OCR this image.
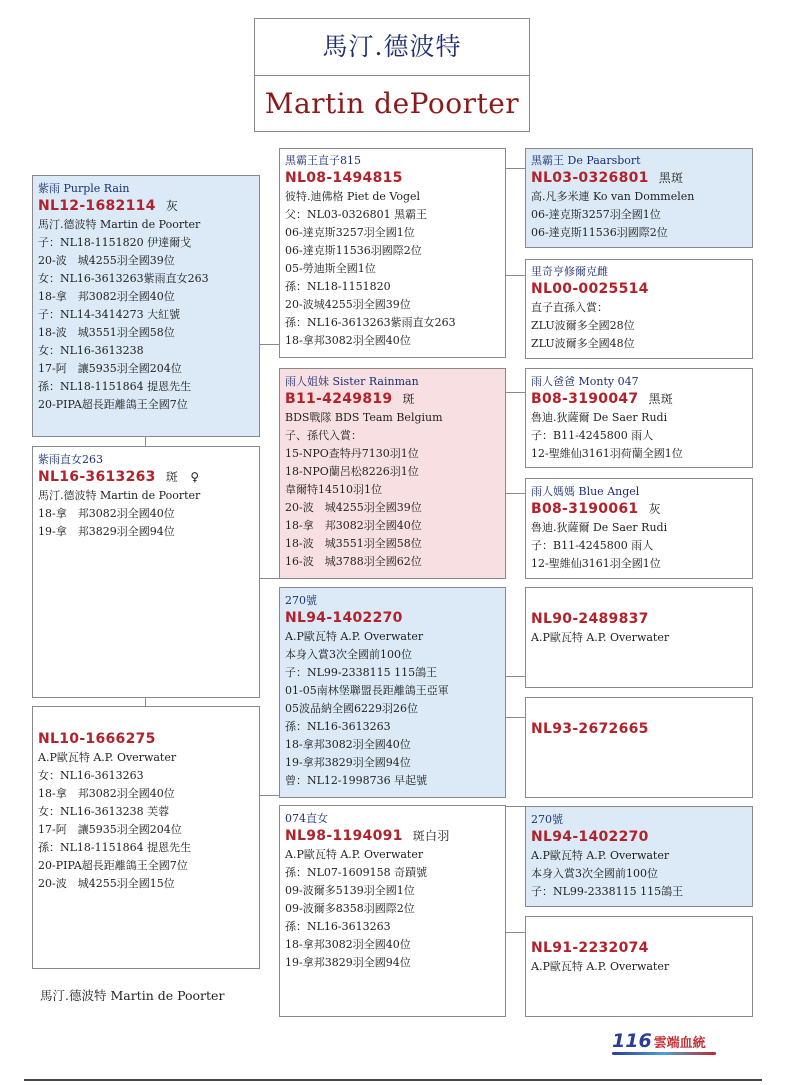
馬汀.德波特
Martin dePoorter
紫雨 Purple Rain
NL12-1682114 灰
馬汀.德波特 Martin de Poorter
子：NL18-1151820 伊達爾戈
20-波　城4255羽全國39位
女：NL16-3613263紫雨直女263
18-拿　邦3082羽全國40位
子：NL14-3414273 大紅號
18-波　城3551羽全國58位
女：NL16-3613238
17-阿　讓5935羽全國204位
孫：NL18-1151864 提恩先生
20-PIPA超長距離鴿王全國7位
紫雨直女263
NL16-3613263 斑　♀
馬汀.德波特 Martin de Poorter
18-拿　邦3082羽全國40位
19-拿　邦3829羽全國94位
NL10-1666275
A.P歐瓦特 A.P. Overwater
女：NL16-3613263
18-拿　邦3082羽全國40位
女：NL16-3613238 芙蓉
17-阿　讓5935羽全國204位
孫：NL18-1151864 提恩先生
20-PIPA超長距離鴿王全國7位
20-波　城4255羽全國15位
黑霸王直子815
NL08-1494815
彼特.迪佛格 Piet de Vogel
父：NL03-0326801 黑霸王
06-達克斯3257羽全國1位
06-達克斯11536羽國際2位
05-勞迪斯全國1位
孫：NL18-1151820
20-波城4255羽全國39位
孫：NL16-3613263紫雨直女263
18-拿邦3082羽全國40位
雨人姐妹 Sister Rainman
B11-4249819 斑
BDS戰隊 BDS Team Belgium
子、孫代入賞：
15-NPO查特丹7130羽1位
18-NPO蘭呂松8226羽1位
韋爾特14510羽1位
20-波　城4255羽全國39位
18-拿　邦3082羽全國40位
18-波　城3551羽全國58位
16-波　城3788羽全國62位
270號
NL94-1402270
A.P歐瓦特 A.P. Overwater
本身入賞3次全國前100位
子：NL99-2338115 115鴿王
01-05南林堡聯盟長距離鴿王亞軍
05波品納全國6229羽26位
孫：NL16-3613263
18-拿邦3082羽全國40位
19-拿邦3829羽全國94位
曾：NL12-1998736 早起號
074直女
NL98-1194091 斑白羽
A.P歐瓦特 A.P. Overwater
孫：NL07-1609158 奇蹟號
09-波爾多5139羽全國1位
09-波爾多8358羽國際2位
孫：NL16-3613263
18-拿邦3082羽全國40位
19-拿邦3829羽全國94位
黑霸王 De Paarsbort
NL03-0326801 黑斑
高.凡多米連 Ko van Dommelen
06-達克斯3257羽全國1位
06-達克斯11536羽國際2位
里奇亨修爾克雌
NL00-0025514
直子直孫入賞：
ZLU波爾多全國28位
ZLU波爾多全國48位
雨人爸爸 Monty 047
B08-3190047 黑斑
魯迪.狄薩爾 De Saer Rudi
子：B11-4245800 雨人
12-聖維仙3161羽荷蘭全國1位
雨人媽媽 Blue Angel
B08-3190061 灰
魯迪.狄薩爾 De Saer Rudi
子：B11-4245800 雨人
12-聖維仙3161羽全國1位
NL90-2489837
A.P歐瓦特 A.P. Overwater
NL93-2672665
270號
NL94-1402270
A.P歐瓦特 A.P. Overwater
本身入賞3次全國前100位
子：NL99-2338115 115鴿王
NL91-2232074
A.P歐瓦特 A.P. Overwater
馬汀.德波特 Martin de Poorter
116 雲端血統
